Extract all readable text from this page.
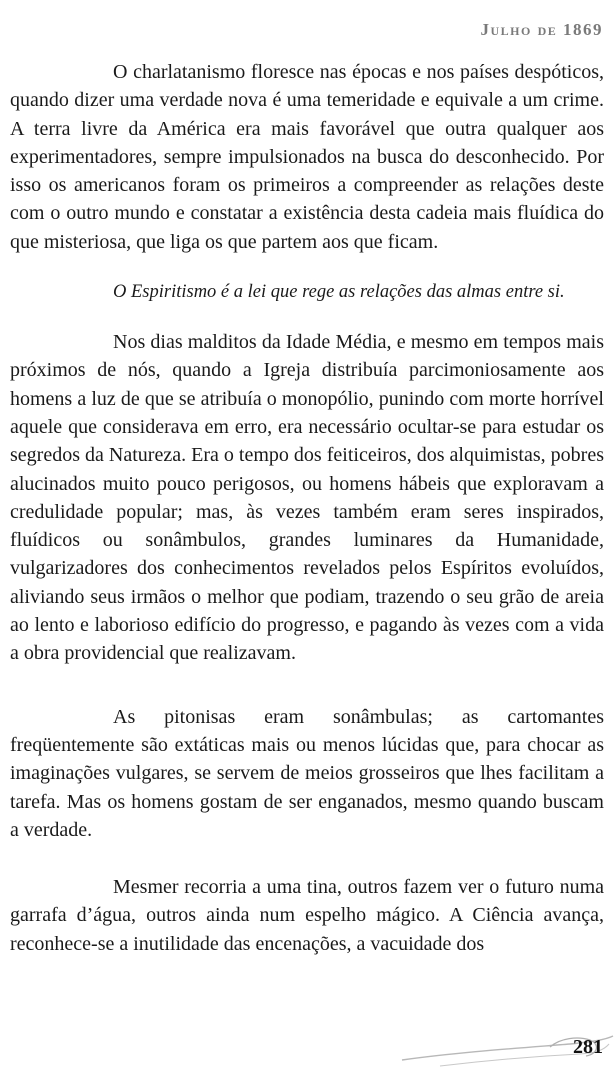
Julho de 1869

O charlatanismo floresce nas épocas e nos países despóticos, quando dizer uma verdade nova é uma temeridade e equivale a um crime. A terra livre da América era mais favorável que outra qualquer aos experimentadores, sempre impulsionados na busca do desconhecido. Por isso os americanos foram os primeiros a compreender as relações deste com o outro mundo e constatar a existência desta cadeia mais fluídica do que misteriosa, que liga os que partem aos que ficam.

O Espiritismo é a lei que rege as relações das almas entre si.

Nos dias malditos da Idade Média, e mesmo em tempos mais próximos de nós, quando a Igreja distribuía parcimoniosamente aos homens a luz de que se atribuía o monopólio, punindo com morte horrível aquele que considerava em erro, era necessário ocultar-se para estudar os segredos da Natureza. Era o tempo dos feiticeiros, dos alquimistas, pobres alucinados muito pouco perigosos, ou homens hábeis que exploravam a credulidade popular; mas, às vezes também eram seres inspirados, fluídicos ou sonâmbulos, grandes luminares da Humanidade, vulgarizadores dos conhecimentos revelados pelos Espíritos evoluídos, aliviando seus irmãos o melhor que podiam, trazendo o seu grão de areia ao lento e laborioso edifício do progresso, e pagando às vezes com a vida a obra providencial que realizavam.

As pitonisas eram sonâmbulas; as cartomantes freqüentemente são extáticas mais ou menos lúcidas que, para chocar as imaginações vulgares, se servem de meios grosseiros que lhes facilitam a tarefa. Mas os homens gostam de ser enganados, mesmo quando buscam a verdade.

Mesmer recorria a uma tina, outros fazem ver o futuro numa garrafa d’água, outros ainda num espelho mágico. A Ciência avança, reconhece-se a inutilidade das encenações, a vacuidade dos

281
